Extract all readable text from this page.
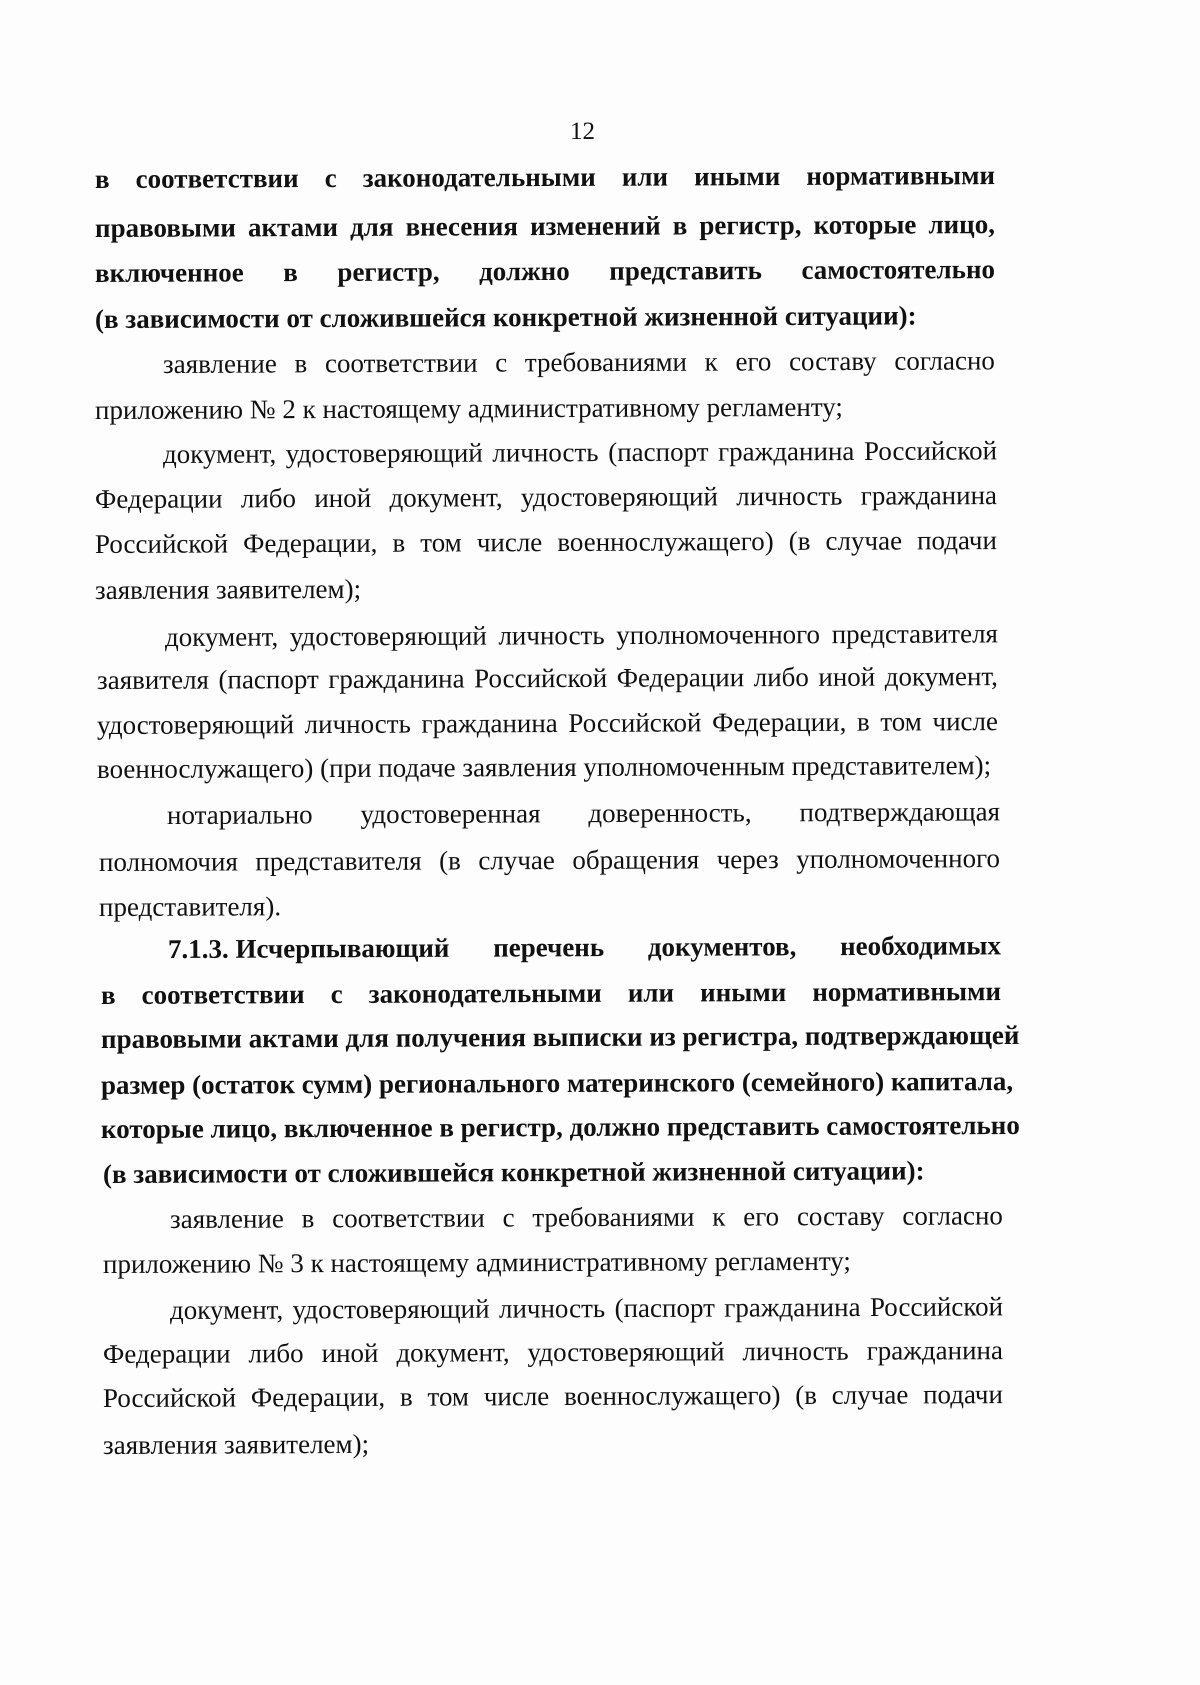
12
в соответствии с законодательными или иными нормативными
правовыми актами для внесения изменений в регистр, которые лицо,
включенное в регистр, должно представить самостоятельно
(в зависимости от сложившейся конкретной жизненной ситуации):
заявление в соответствии с требованиями к его составу согласно
приложению № 2 к настоящему административному регламенту;
документ, удостоверяющий личность (паспорт гражданина Российской
Федерации либо иной документ, удостоверяющий личность гражданина
Российской Федерации, в том числе военнослужащего) (в случае подачи
заявления заявителем);
документ, удостоверяющий личность уполномоченного представителя
заявителя (паспорт гражданина Российской Федерации либо иной документ,
удостоверяющий личность гражданина Российской Федерации, в том числе
военнослужащего) (при подаче заявления уполномоченным представителем);
нотариально удостоверенная доверенность, подтверждающая
полномочия представителя (в случае обращения через уполномоченного
представителя).
7.1.3. Исчерпывающий перечень документов, необходимых
в соответствии с законодательными или иными нормативными
правовыми актами для получения выписки из регистра, подтверждающей
размер (остаток сумм) регионального материнского (семейного) капитала,
которые лицо, включенное в регистр, должно представить самостоятельно
(в зависимости от сложившейся конкретной жизненной ситуации):
заявление в соответствии с требованиями к его составу согласно
приложению № 3 к настоящему административному регламенту;
документ, удостоверяющий личность (паспорт гражданина Российской
Федерации либо иной документ, удостоверяющий личность гражданина
Российской Федерации, в том числе военнослужащего) (в случае подачи
заявления заявителем);
